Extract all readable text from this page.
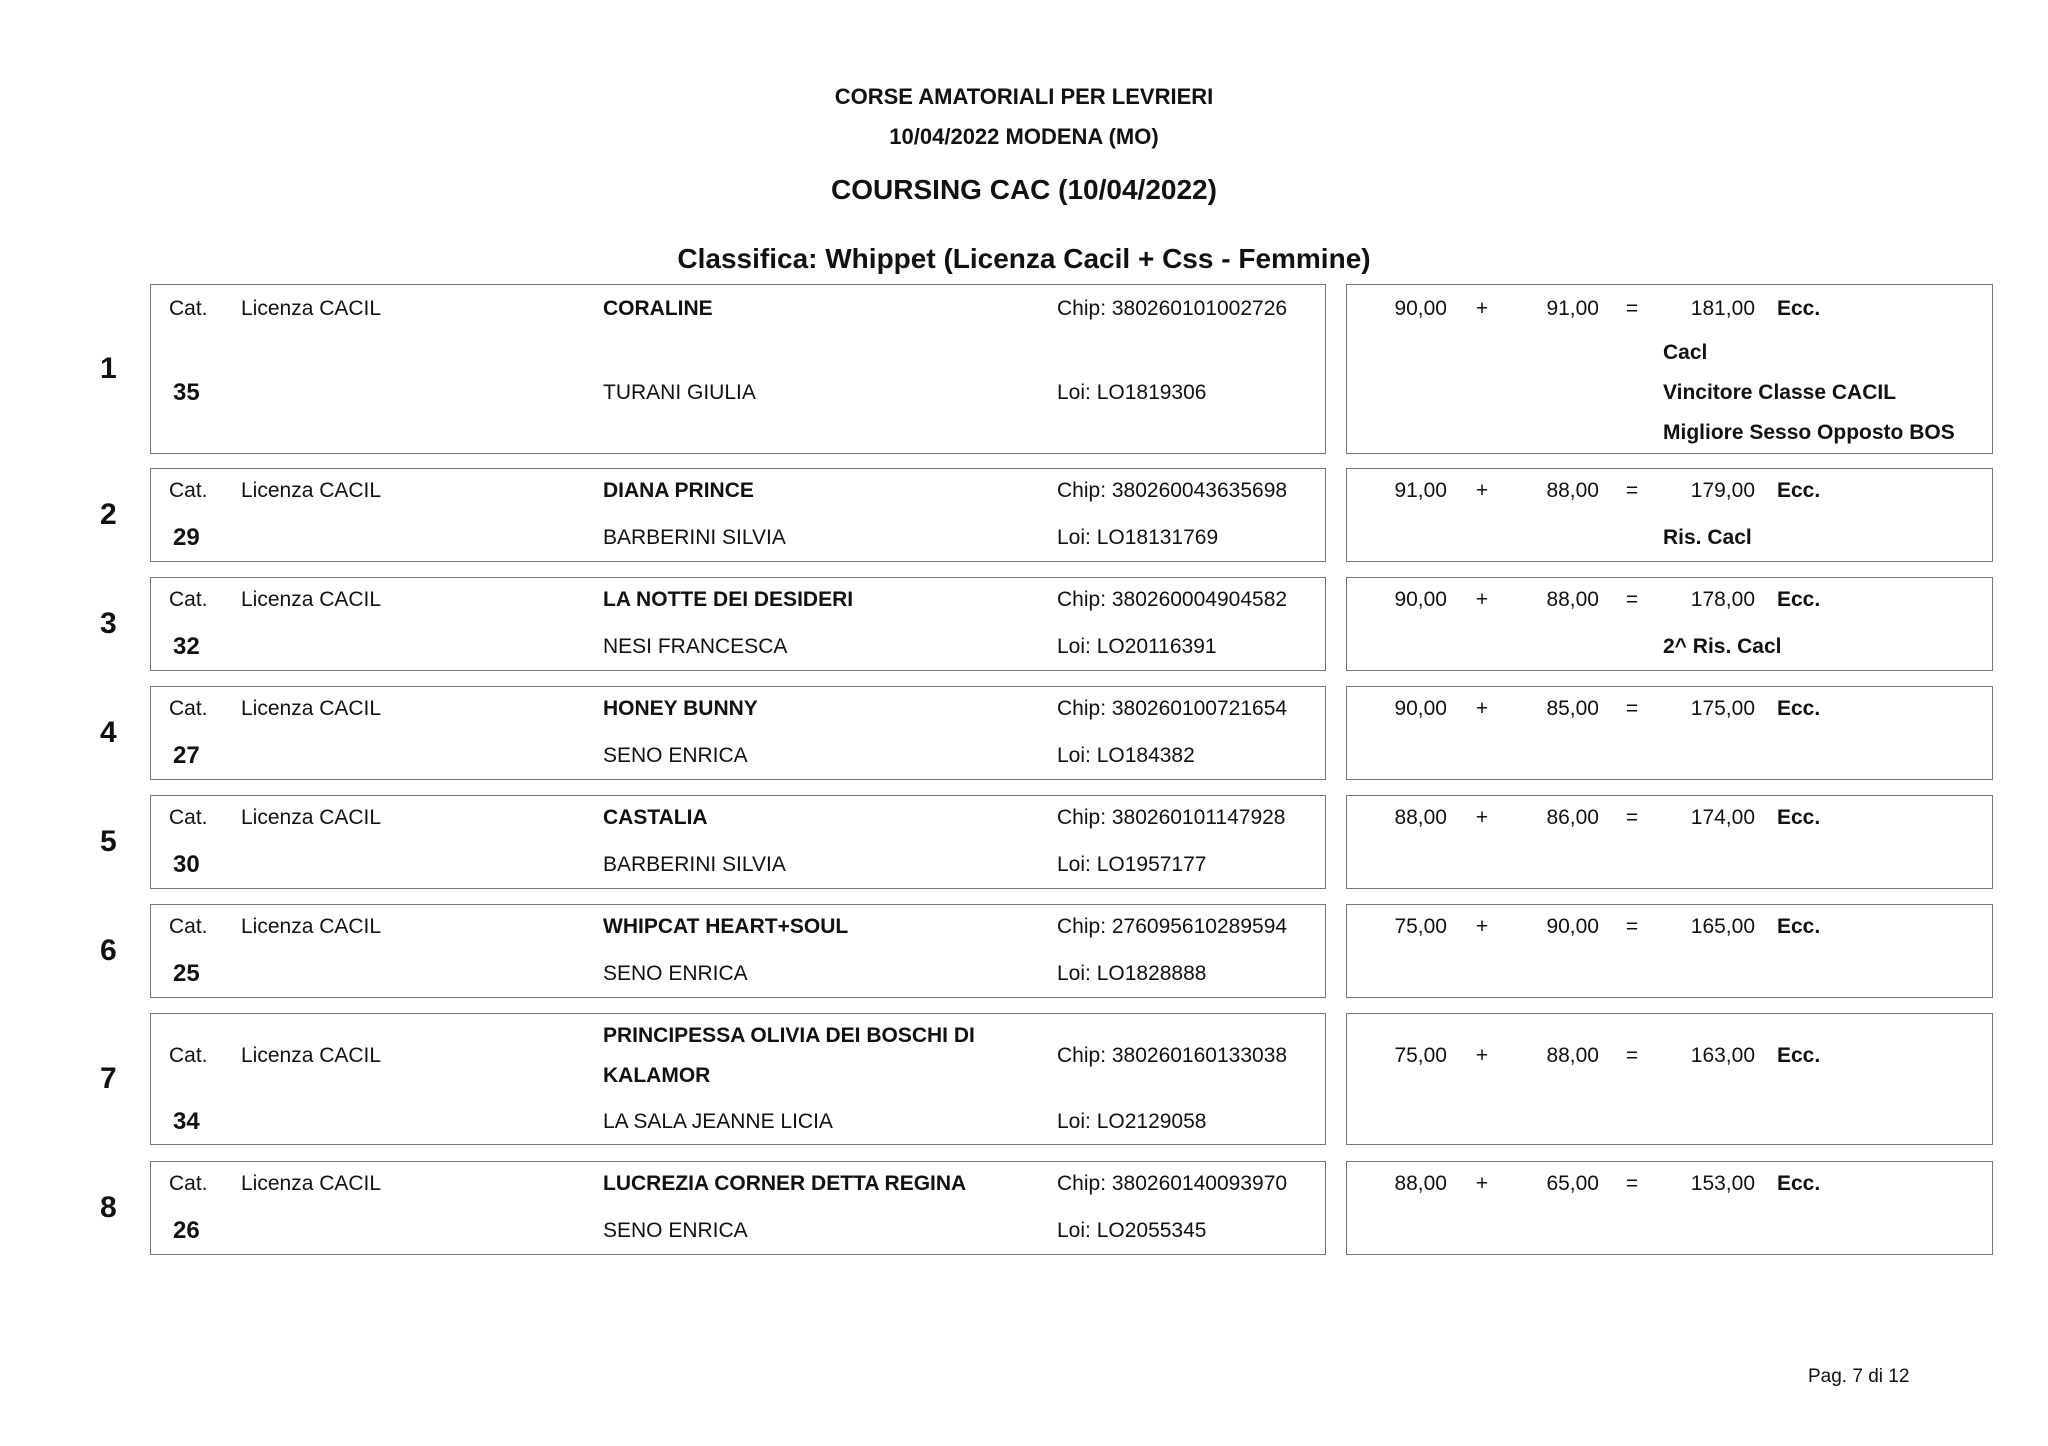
CORSE AMATORIALI PER LEVRIERI
10/04/2022 MODENA (MO)
COURSING CAC (10/04/2022)
Classifica: Whippet (Licenza Cacil + Css - Femmine)
1
Cat. Licenza CACIL	CORALINE	Chip: 380260101002726
35	TURANI GIULIA	Loi: LO1819306
90,00 +	91,00 =	181,00 Ecc.
Cacl
Vincitore Classe CACIL
Migliore Sesso Opposto BOS
2
Cat. Licenza CACIL	DIANA PRINCE	Chip: 380260043635698
29	BARBERINI SILVIA	Loi: LO18131769
91,00 +	88,00 =	179,00 Ecc.
Ris. Cacl
3
Cat. Licenza CACIL	LA NOTTE DEI DESIDERI	Chip: 380260004904582
32	NESI FRANCESCA	Loi: LO20116391
90,00 +	88,00 =	178,00 Ecc.
2^ Ris. Cacl
4
Cat. Licenza CACIL	HONEY BUNNY	Chip: 380260100721654
27	SENO ENRICA	Loi: LO184382
90,00 +	85,00 =	175,00 Ecc.
5
Cat. Licenza CACIL	CASTALIA	Chip: 380260101147928
30	BARBERINI SILVIA	Loi: LO1957177
88,00 +	86,00 =	174,00 Ecc.
6
Cat. Licenza CACIL	WHIPCAT HEART+SOUL	Chip: 276095610289594
25	SENO ENRICA	Loi: LO1828888
75,00 +	90,00 =	165,00 Ecc.
7
Cat. Licenza CACIL
PRINCIPESSA OLIVIA DEI BOSCHI DI
KALAMOR
Chip: 380260160133038
34	LA SALA JEANNE LICIA	Loi: LO2129058
75,00 +	88,00 =	163,00 Ecc.
8
Cat. Licenza CACIL	LUCREZIA CORNER DETTA REGINA	Chip: 380260140093970
26	SENO ENRICA	Loi: LO2055345
88,00 +	65,00 =	153,00 Ecc.
Pag. 7 di 12
